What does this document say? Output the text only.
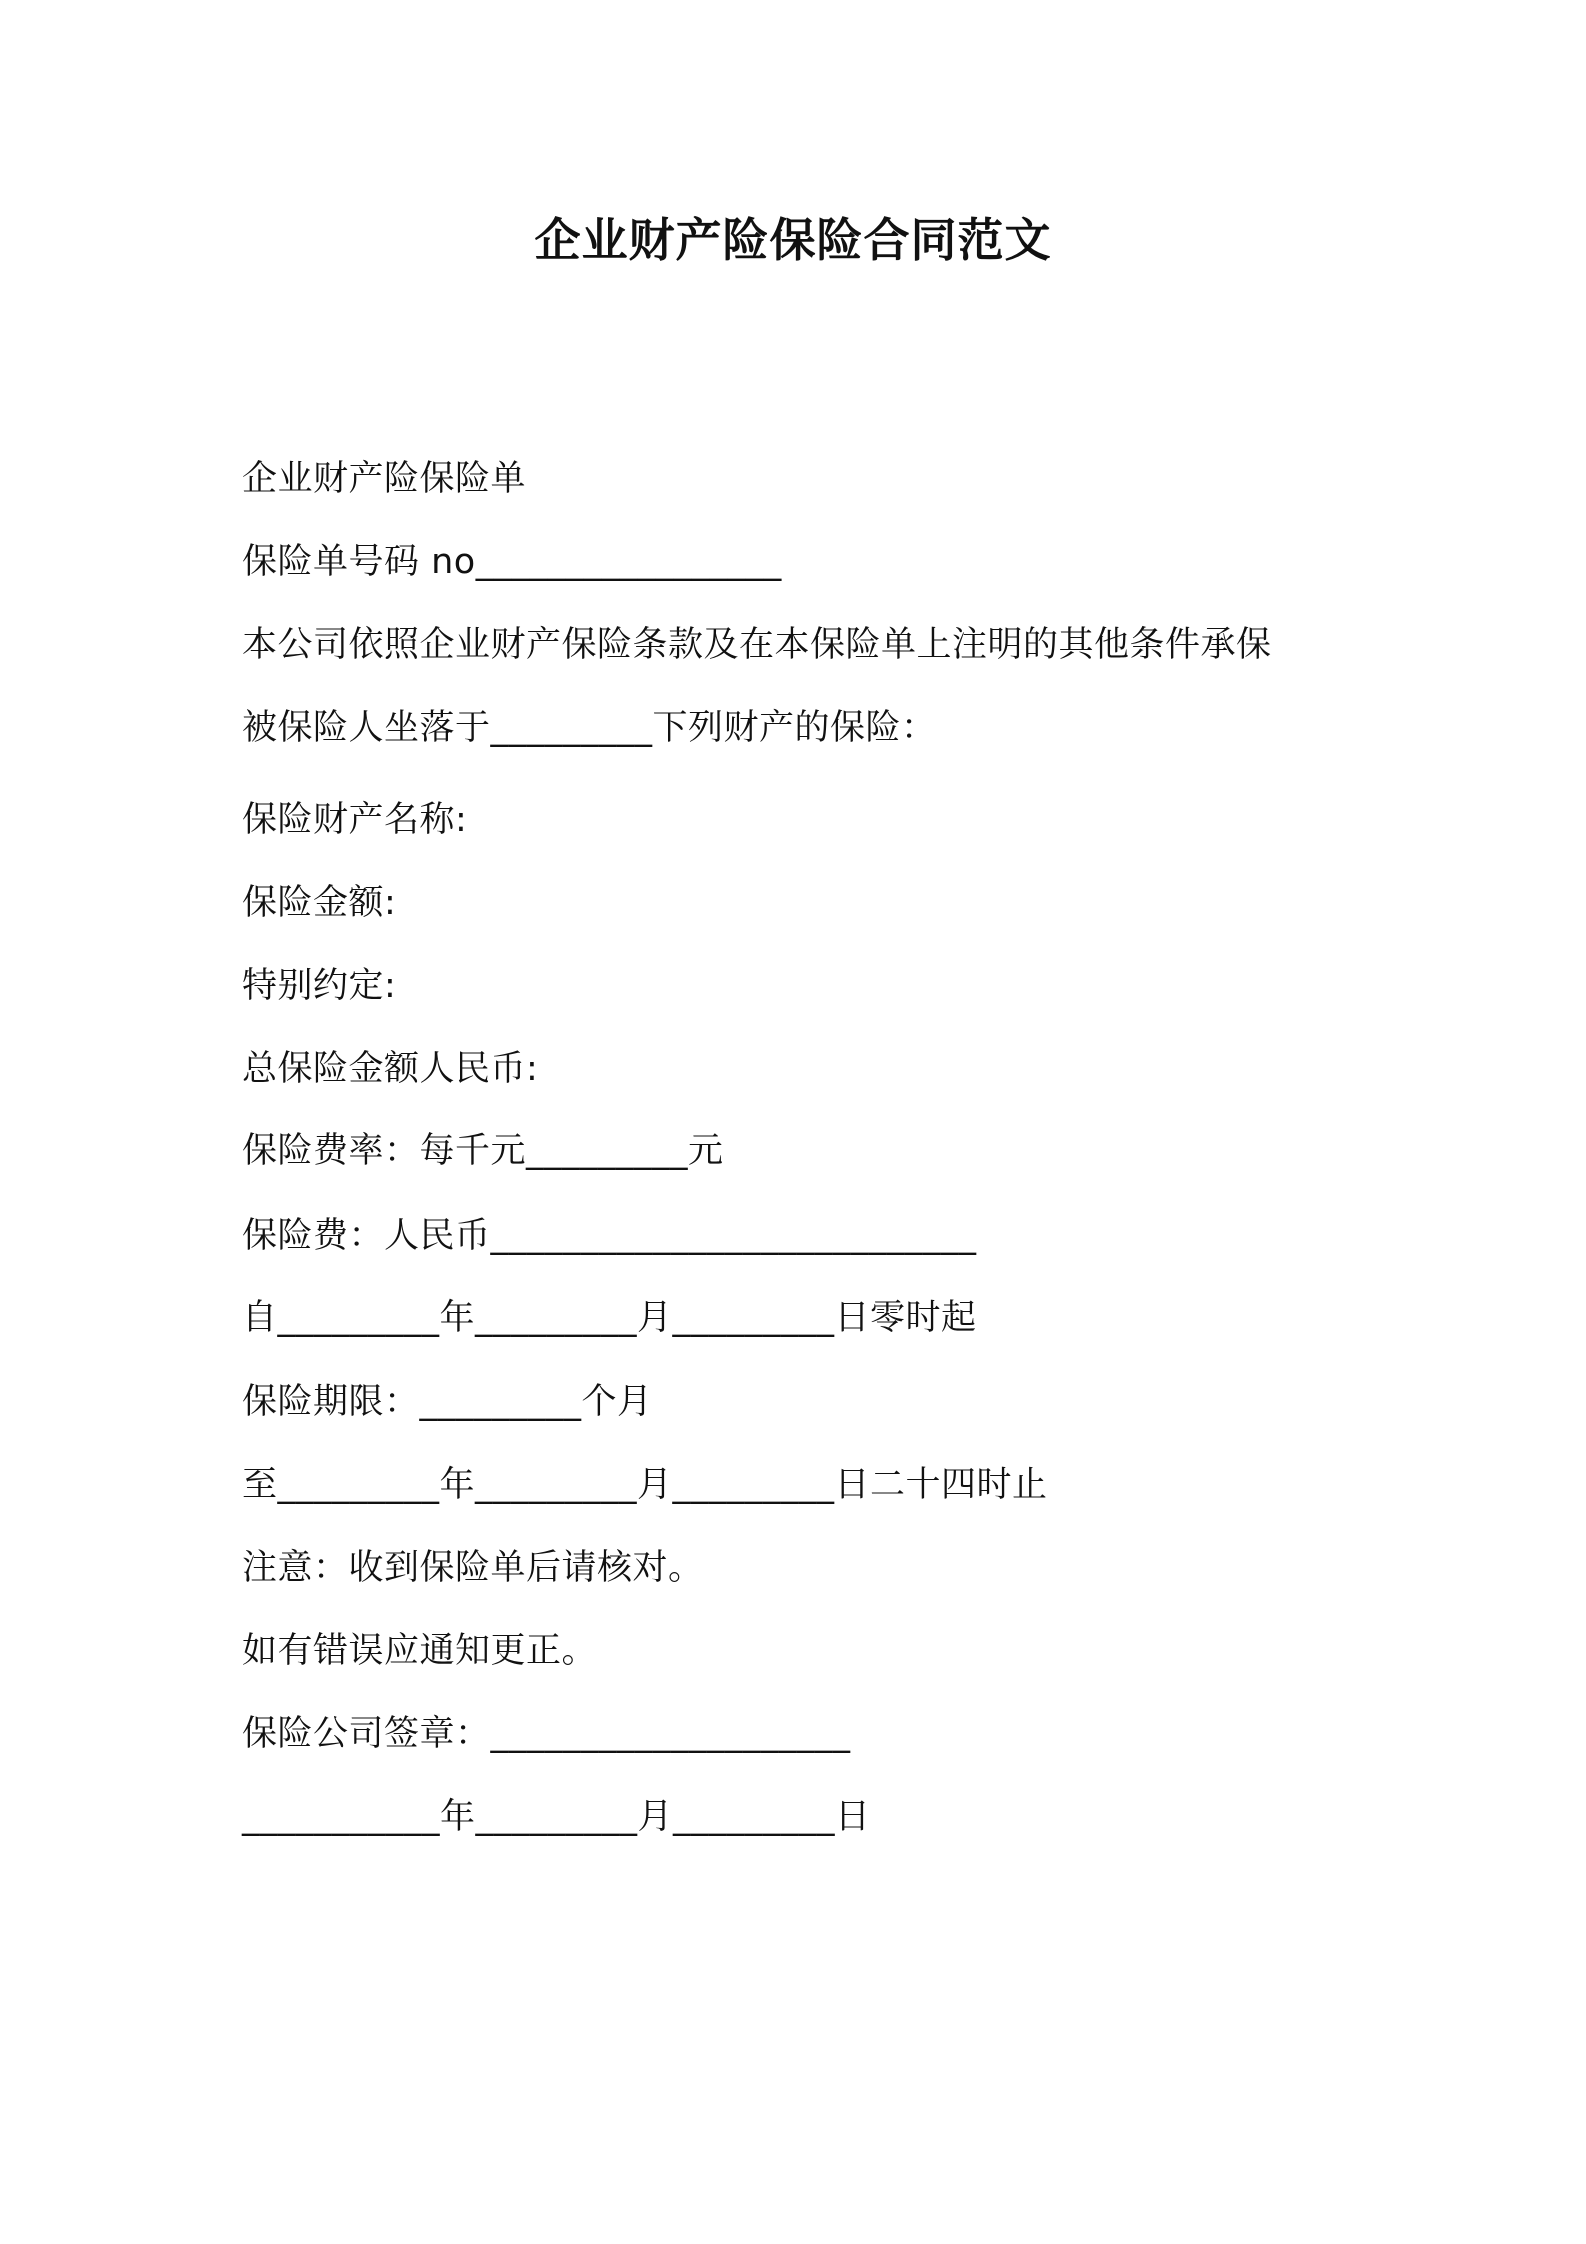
企业财产险保险合同范文
企业财产险保险单
保险单号码 no_________________
本公司依照企业财产保险条款及在本保险单上注明的其他条件承保
被保险人坐落于_________下列财产的保险：
保险财产名称:
保险金额:
特别约定:
总保险金额人民币:
保险费率：每千元_________元
保险费：人民币___________________________
自_________年_________月_________日零时起
保险期限：_________个月
至_________年_________月_________日二十四时止
注意：收到保险单后请核对。
如有错误应通知更正。
保险公司签章：____________________
___________年_________月_________日
